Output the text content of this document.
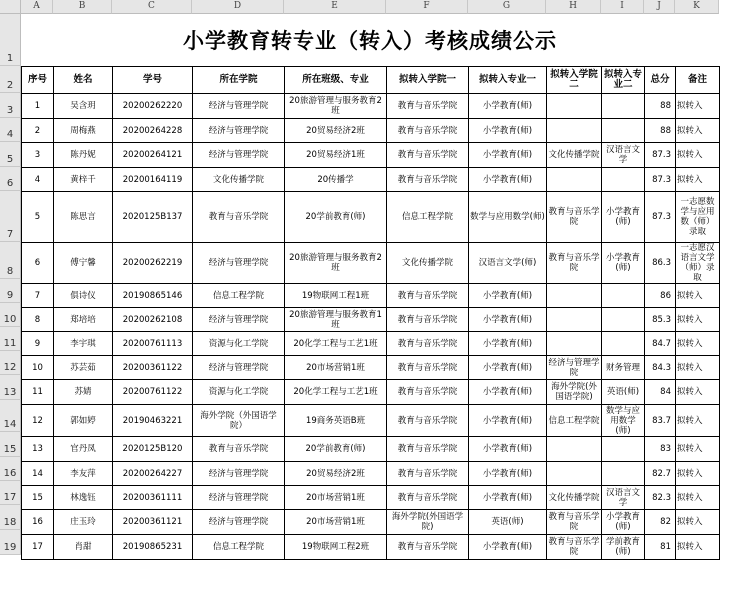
A	B	C	D	E	F	G	H	I	J	K
1
2
3
4
5
6
7
8
9
10
11
12
13
14
15
16
17
18
19
小学教育转专业（转入）考核成绩公示
序号	姓名	学号	所在学院	所在班级、专业	拟转入学院一	拟转入专业一	拟转入学院二	拟转入专业二	总分	备注
1	吴含玥	20200262220	经济与管理学院	20旅游管理与服务教育2班	教育与音乐学院	小学教育(师)			88	拟转入
2	周梅燕	20200264228	经济与管理学院	20贸易经济2班	教育与音乐学院	小学教育(师)			88	拟转入
3	陈丹妮	20200264121	经济与管理学院	20贸易经济1班	教育与音乐学院	小学教育(师)	文化传播学院	汉语言文学	87.3	拟转入
4	黄梓千	20200164119	文化传播学院	20传播学	教育与音乐学院	小学教育(师)			87.3	拟转入
5	陈思言	2020125B137	教育与音乐学院	20学前教育(师)	信息工程学院	数学与应用数学(师)	教育与音乐学院	小学教育(师)	87.3	一志愿数学与应用数（师）录取
6	傅宁馨	20200262219	经济与管理学院	20旅游管理与服务教育2班	文化传播学院	汉语言文学(师)	教育与音乐学院	小学教育(师)	86.3	一志愿汉语言文学（师）录取
7	俱诗仪	20190865146	信息工程学院	19物联网工程1班	教育与音乐学院	小学教育(师)			86	拟转入
8	郑培培	20200262108	经济与管理学院	20旅游管理与服务教育1班	教育与音乐学院	小学教育(师)			85.3	拟转入
9	李宇琪	20200761113	资源与化工学院	20化学工程与工艺1班	教育与音乐学院	小学教育(师)			84.7	拟转入
10	苏芸茹	20200361122	经济与管理学院	20市场营销1班	教育与音乐学院	小学教育(师)	经济与管理学院	财务管理	84.3	拟转入
11	苏婧	20200761122	资源与化工学院	20化学工程与工艺1班	教育与音乐学院	小学教育(师)	海外学院(外国语学院)	英语(师)	84	拟转入
12	郭如婷	20190463221	海外学院（外国语学院）	19商务英语B班	教育与音乐学院	小学教育(师)	信息工程学院	数学与应用数学(师)	83.7	拟转入
13	官丹凤	2020125B120	教育与音乐学院	20学前教育(师)	教育与音乐学院	小学教育(师)			83	拟转入
14	李友萍	20200264227	经济与管理学院	20贸易经济2班	教育与音乐学院	小学教育(师)			82.7	拟转入
15	林逸钰	20200361111	经济与管理学院	20市场营销1班	教育与音乐学院	小学教育(师)	文化传播学院	汉语言文学	82.3	拟转入
16	庄玉玲	20200361121	经济与管理学院	20市场营销1班	海外学院(外国语学院)	英语(师)	教育与音乐学院	小学教育(师)	82	拟转入
17	肖甜	20190865231	信息工程学院	19物联网工程2班	教育与音乐学院	小学教育(师)	教育与音乐学院	学前教育(师)	81	拟转入
